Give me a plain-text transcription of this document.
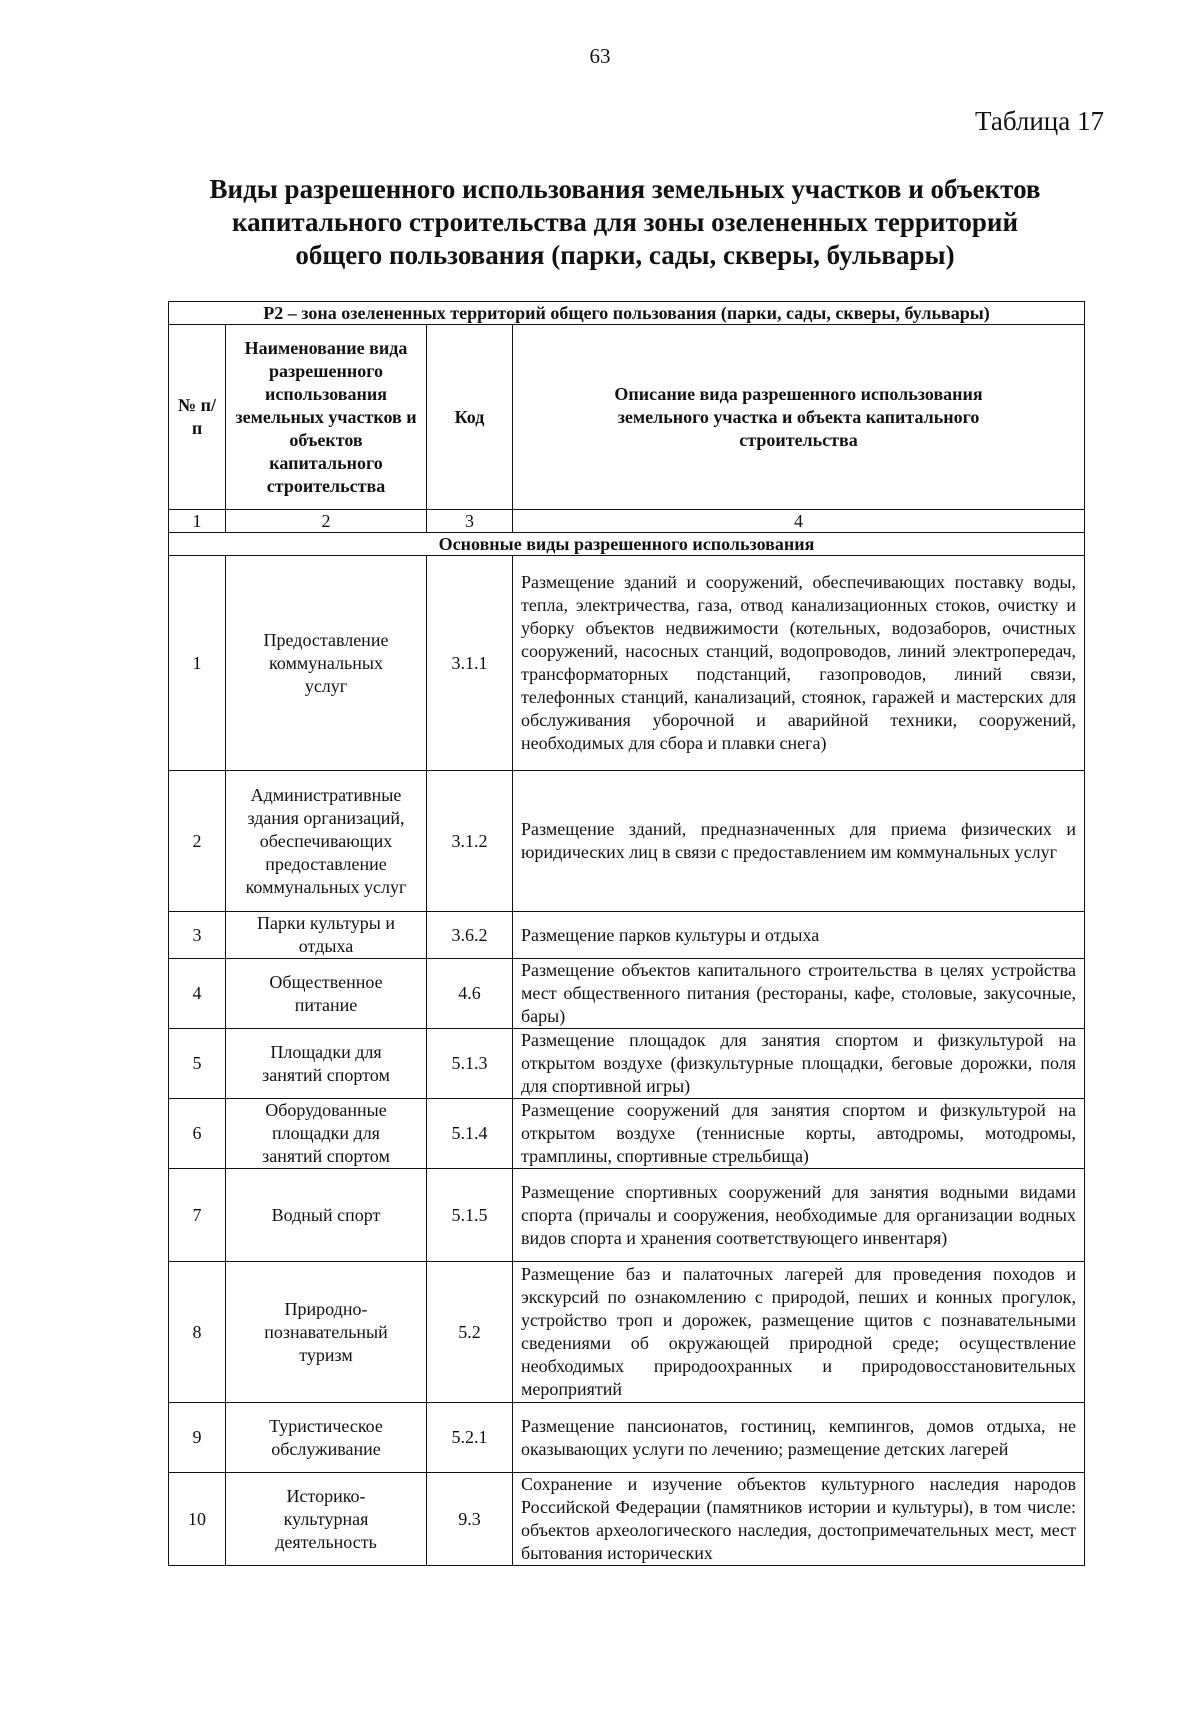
63
Таблица 17
Виды разрешенного использования земельных участков и объектов
капитального строительства для зоны озелененных территорий
общего пользования (парки, сады, скверы, бульвары)
Р2 – зона озелененных территорий общего пользования (парки, сады, скверы, бульвары)			
№ п/п	Наименование вида разрешенного использования земельных участков и объектов капитального строительства	Код	Описание вида разрешенного использования земельного участка и объекта капитального строительства
1	2	3	4
Основные виды разрешенного использования			
1	Предоставление коммунальных услуг	3.1.1	Размещение зданий и сооружений, обеспечивающих поставку воды, тепла, электричества, газа, отвод канализационных стоков, очистку и уборку объектов недвижимости (котельных, водозаборов, очистных сооружений, насосных станций, водопроводов, линий электропередач, трансформаторных подстанций, газопроводов, линий связи, телефонных станций, канализаций, стоянок, гаражей и мастерских для обслуживания уборочной и аварийной техники, сооружений, необходимых для сбора и плавки снега)
2	Административные здания организаций, обеспечивающих предоставление коммунальных услуг	3.1.2	Размещение зданий, предназначенных для приема физических и юридических лиц в связи с предоставлением им коммунальных услуг
3	Парки культуры и отдыха	3.6.2	Размещение парков культуры и отдыха
4	Общественное питание	4.6	Размещение объектов капитального строительства в целях устройства мест общественного питания (рестораны, кафе, столовые, закусочные, бары)
5	Площадки для занятий спортом	5.1.3	Размещение площадок для занятия спортом и физкультурой на открытом воздухе (физкультурные площадки, беговые дорожки, поля для спортивной игры)
6	Оборудованные площадки для занятий спортом	5.1.4	Размещение сооружений для занятия спортом и физкультурой на открытом воздухе (теннисные корты, автодромы, мотодромы, трамплины, спортивные стрельбища)
7	Водный спорт	5.1.5	Размещение спортивных сооружений для занятия водными видами спорта (причалы и сооружения, необходимые для организации водных видов спорта и хранения соответствующего инвентаря)
8	Природно-познавательный туризм	5.2	Размещение баз и палаточных лагерей для проведения походов и экскурсий по ознакомлению с природой, пеших и конных прогулок, устройство троп и дорожек, размещение щитов с познавательными сведениями об окружающей природной среде; осуществление необходимых природоохранных и природовосстановительных мероприятий
9	Туристическое обслуживание	5.2.1	Размещение пансионатов, гостиниц, кемпингов, домов отдыха, не оказывающих услуги по лечению; размещение детских лагерей
10	Историко-культурная деятельность	9.3	Сохранение и изучение объектов культурного наследия народов Российской Федерации (памятников истории и культуры), в том числе: объектов археологического наследия, достопримечательных мест, мест бытования исторических
